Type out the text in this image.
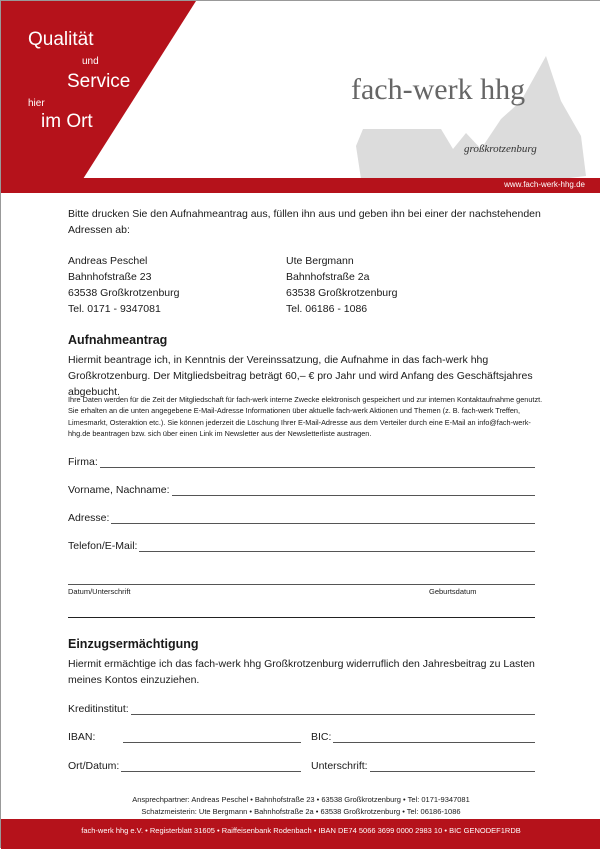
Qualität
und
Service
hier
im Ort
fach-werk hhg
großkrotzenburg
www.fach-werk-hhg.de
Bitte drucken Sie den Aufnahmeantrag aus, füllen ihn aus und geben ihn bei einer der nachstehenden Adressen ab:
Andreas Peschel
Bahnhofstraße 23
63538 Großkrotzenburg
Tel. 0171 - 9347081
Ute Bergmann
Bahnhofstraße 2a
63538 Großkrotzenburg
Tel. 06186 - 1086
Aufnahmeantrag
Hiermit beantrage ich, in Kenntnis der Vereinssatzung, die Aufnahme in das fach-werk hhg Großkrotzenburg. Der Mitgliedsbeitrag beträgt 60,– € pro Jahr und wird Anfang des Geschäftsjahres abgebucht.
Ihre Daten werden für die Zeit der Mitgliedschaft für fach-werk interne Zwecke elektronisch gespeichert und zur internen Kontaktaufnahme genutzt. Sie erhalten an die unten angegebene E-Mail-Adresse Informationen über aktuelle fach-werk Aktionen und Themen (z. B. fach-werk Treffen, Limesmarkt, Osteraktion etc.). Sie können jederzeit die Löschung Ihrer E-Mail-Adresse aus dem Verteiler durch eine E-Mail an info@fach-werk-hhg.de beantragen bzw. sich über einen Link im Newsletter aus der Newsletterliste austragen.
Firma:
Vorname, Nachname:
Adresse:
Telefon/E-Mail:
Datum/Unterschrift	Geburtsdatum
Einzugsermächtigung
Hiermit ermächtige ich das fach-werk hhg Großkrotzenburg widerruflich den Jahresbeitrag zu Lasten meines Kontos einzuziehen.
Kreditinstitut:
IBAN:	BIC:
Ort/Datum:	Unterschrift:
Ansprechpartner: Andreas Peschel • Bahnhofstraße 23 • 63538 Großkrotzenburg • Tel: 0171-9347081
Schatzmeisterin: Ute Bergmann • Bahnhofstraße 2a • 63538 Großkrotzenburg • Tel: 06186-1086
fach-werk hhg e.V. • Registerblatt 31605 • Raiffeisenbank Rodenbach • IBAN DE74 5066 3699 0000 2983 10 • BIC GENODEF1RDB
